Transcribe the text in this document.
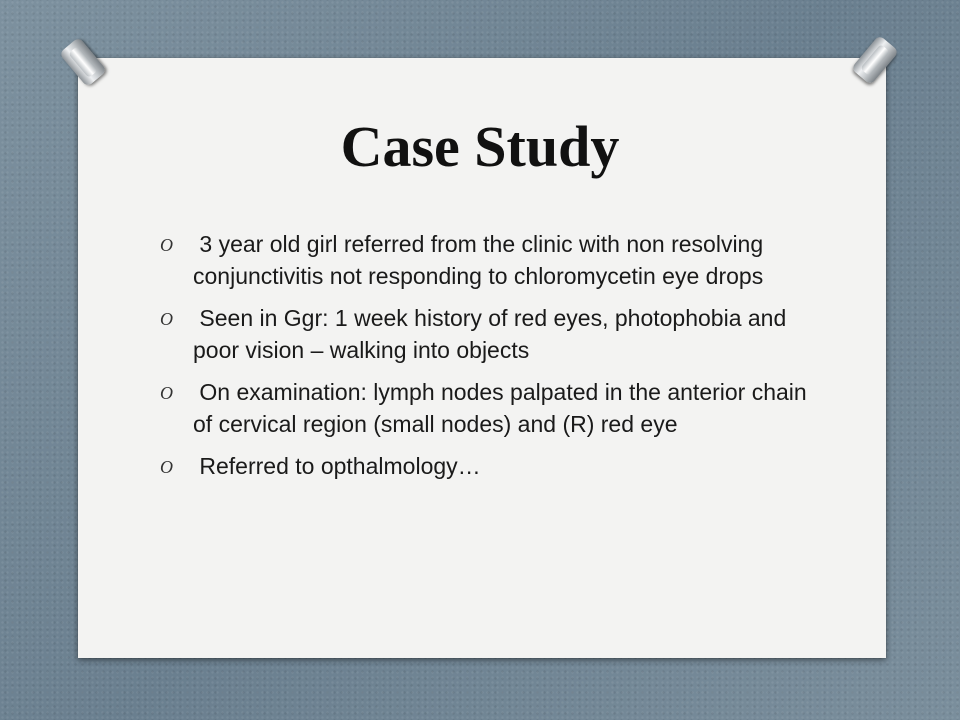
Case Study
O 3 year old girl referred from the clinic with non resolving conjunctivitis not responding to chloromycetin eye drops
O Seen in Ggr: 1 week history of red eyes, photophobia and poor vision – walking into objects
O On examination: lymph nodes palpated in the anterior chain of cervical region (small nodes) and (R) red eye
O Referred to opthalmology…
